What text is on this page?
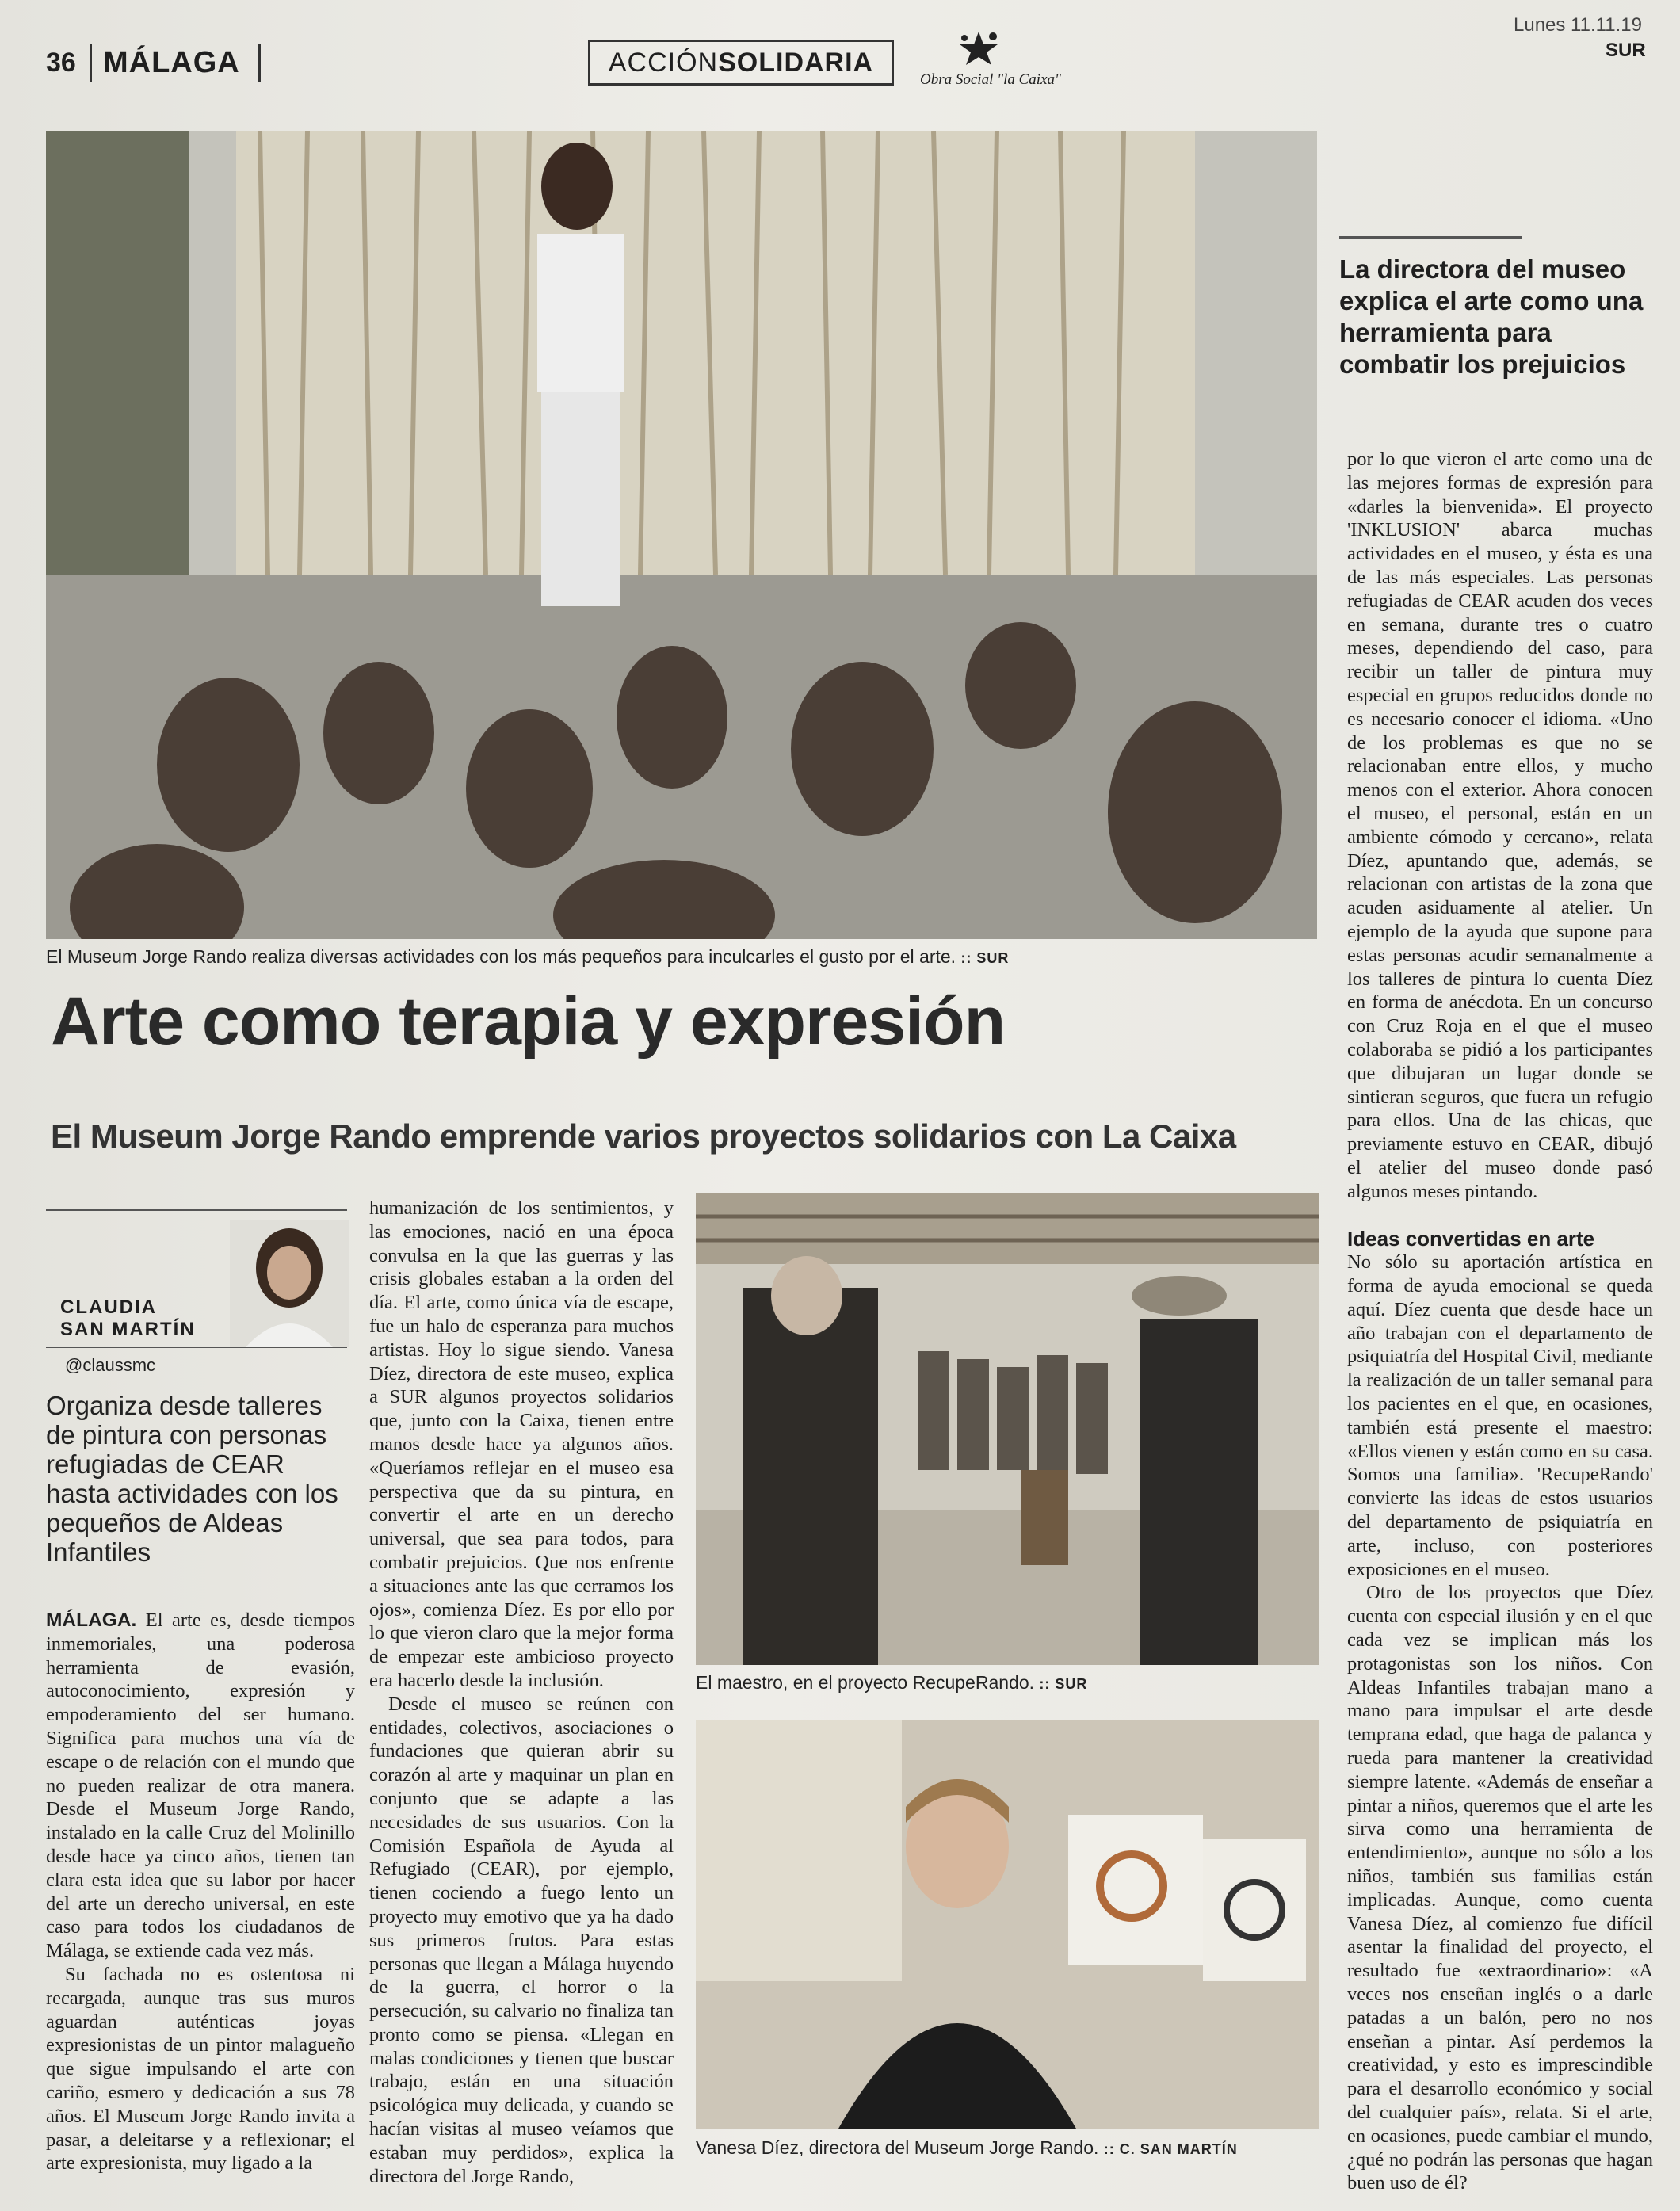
36 MÁLAGA	ACCIÓN SOLIDARIA
Obra Social "la Caixa"
Lunes 11.11.19
SUR
El Museum Jorge Rando realiza diversas actividades con los más pequeños para inculcarles el gusto por el arte. :: SUR
Arte como terapia y expresión
El Museum Jorge Rando emprende varios proyectos solidarios con La Caixa
CLAUDIA
SAN MARTÍN
@claussmc
Organiza desde talleres de pintura con personas refugiadas de CEAR hasta actividades con los pequeños de Aldeas Infantiles

MÁLAGA. El arte es, desde tiempos inmemoriales, una poderosa herramienta de evasión, autoconocimiento, expresión y empoderamiento del ser humano. Significa para muchos una vía de escape o de relación con el mundo que no pueden realizar de otra manera. Desde el Museum Jorge Rando, instalado en la calle Cruz del Molinillo desde hace ya cinco años, tienen tan clara esta idea que su labor por hacer del arte un derecho universal, en este caso para todos los ciudadanos de Málaga, se extiende cada vez más.

Su fachada no es ostentosa ni recargada, aunque tras sus muros aguardan auténticas joyas expresionistas de un pintor malagueño que sigue impulsando el arte con cariño, esmero y dedicación a sus 78 años. El Museum Jorge Rando invita a pasar, a deleitarse y a reflexionar; el arte expresionista, muy ligado a la

humanización de los sentimientos, y las emociones, nació en una época convulsa en la que las guerras y las crisis globales estaban a la orden del día. El arte, como única vía de escape, fue un halo de esperanza para muchos artistas. Hoy lo sigue siendo. Vanesa Díez, directora de este museo, explica a SUR algunos proyectos solidarios que, junto con la Caixa, tienen entre manos desde hace ya algunos años. «Queríamos reflejar en el museo esa perspectiva que da su pintura, en convertir el arte en un derecho universal, que sea para todos, para combatir prejuicios. Que nos enfrente a situaciones ante las que cerramos los ojos», comienza Díez. Es por ello por lo que vieron claro que la mejor forma de empezar este ambicioso proyecto era hacerlo desde la inclusión.

Desde el museo se reúnen con entidades, colectivos, asociaciones o fundaciones que quieran abrir su corazón al arte y maquinar un plan en conjunto que se adapte a las necesidades de sus usuarios. Con la Comisión Española de Ayuda al Refugiado (CEAR), por ejemplo, tienen cociendo a fuego lento un proyecto muy emotivo que ya ha dado sus primeros frutos. Para estas personas que llegan a Málaga huyendo de la guerra, el horror o la persecución, su calvario no finaliza tan pronto como se piensa. «Llegan en malas condiciones y tienen que buscar trabajo, están en una situación psicológica muy delicada, y cuando se hacían visitas al museo veíamos que estaban muy perdidos», explica la directora del Jorge Rando,

El maestro, en el proyecto RecupeRando. :: SUR
Vanesa Díez, directora del Museum Jorge Rando. :: C. SAN MARTÍN
La directora del museo explica el arte como una herramienta para combatir los prejuicios

por lo que vieron el arte como una de las mejores formas de expresión para «darles la bienvenida». El proyecto 'INKLUSION' abarca muchas actividades en el museo, y ésta es una de las más especiales. Las personas refugiadas de CEAR acuden dos veces en semana, durante tres o cuatro meses, dependiendo del caso, para recibir un taller de pintura muy especial en grupos reducidos donde no es necesario conocer el idioma. «Uno de los problemas es que no se relacionaban entre ellos, y mucho menos con el exterior. Ahora conocen el museo, el personal, están en un ambiente cómodo y cercano», relata Díez, apuntando que, además, se relacionan con artistas de la zona que acuden asiduamente al atelier. Un ejemplo de la ayuda que supone para estas personas acudir semanalmente a los talleres de pintura lo cuenta Díez en forma de anécdota. En un concurso con Cruz Roja en el que el museo colaboraba se pidió a los participantes que dibujaran un lugar donde se sintieran seguros, que fuera un refugio para ellos. Una de las chicas, que previamente estuvo en CEAR, dibujó el atelier del museo donde pasó algunos meses pintando.

Ideas convertidas en arte

No sólo su aportación artística en forma de ayuda emocional se queda aquí. Díez cuenta que desde hace un año trabajan con el departamento de psiquiatría del Hospital Civil, mediante la realización de un taller semanal para los pacientes en el que, en ocasiones, también está presente el maestro: «Ellos vienen y están como en su casa. Somos una familia». 'RecupeRando' convierte las ideas de estos usuarios del departamento de psiquiatría en arte, incluso, con posteriores exposiciones en el museo.

Otro de los proyectos que Díez cuenta con especial ilusión y en el que cada vez se implican más los protagonistas son los niños. Con Aldeas Infantiles trabajan mano a mano para impulsar el arte desde temprana edad, que haga de palanca y rueda para mantener la creatividad siempre latente. «Además de enseñar a pintar a niños, queremos que el arte les sirva como una herramienta de entendimiento», aunque no sólo a los niños, también sus familias están implicadas. Aunque, como cuenta Vanesa Díez, al comienzo fue difícil asentar la finalidad del proyecto, el resultado fue «extraordinario»: «A veces nos enseñan inglés o a darle patadas a un balón, pero no nos enseñan a pintar. Así perdemos la creatividad, y esto es imprescindible para el desarrollo económico y social del cualquier país», relata. Si el arte, en ocasiones, puede cambiar el mundo, ¿qué no podrán las personas que hagan buen uso de él?
